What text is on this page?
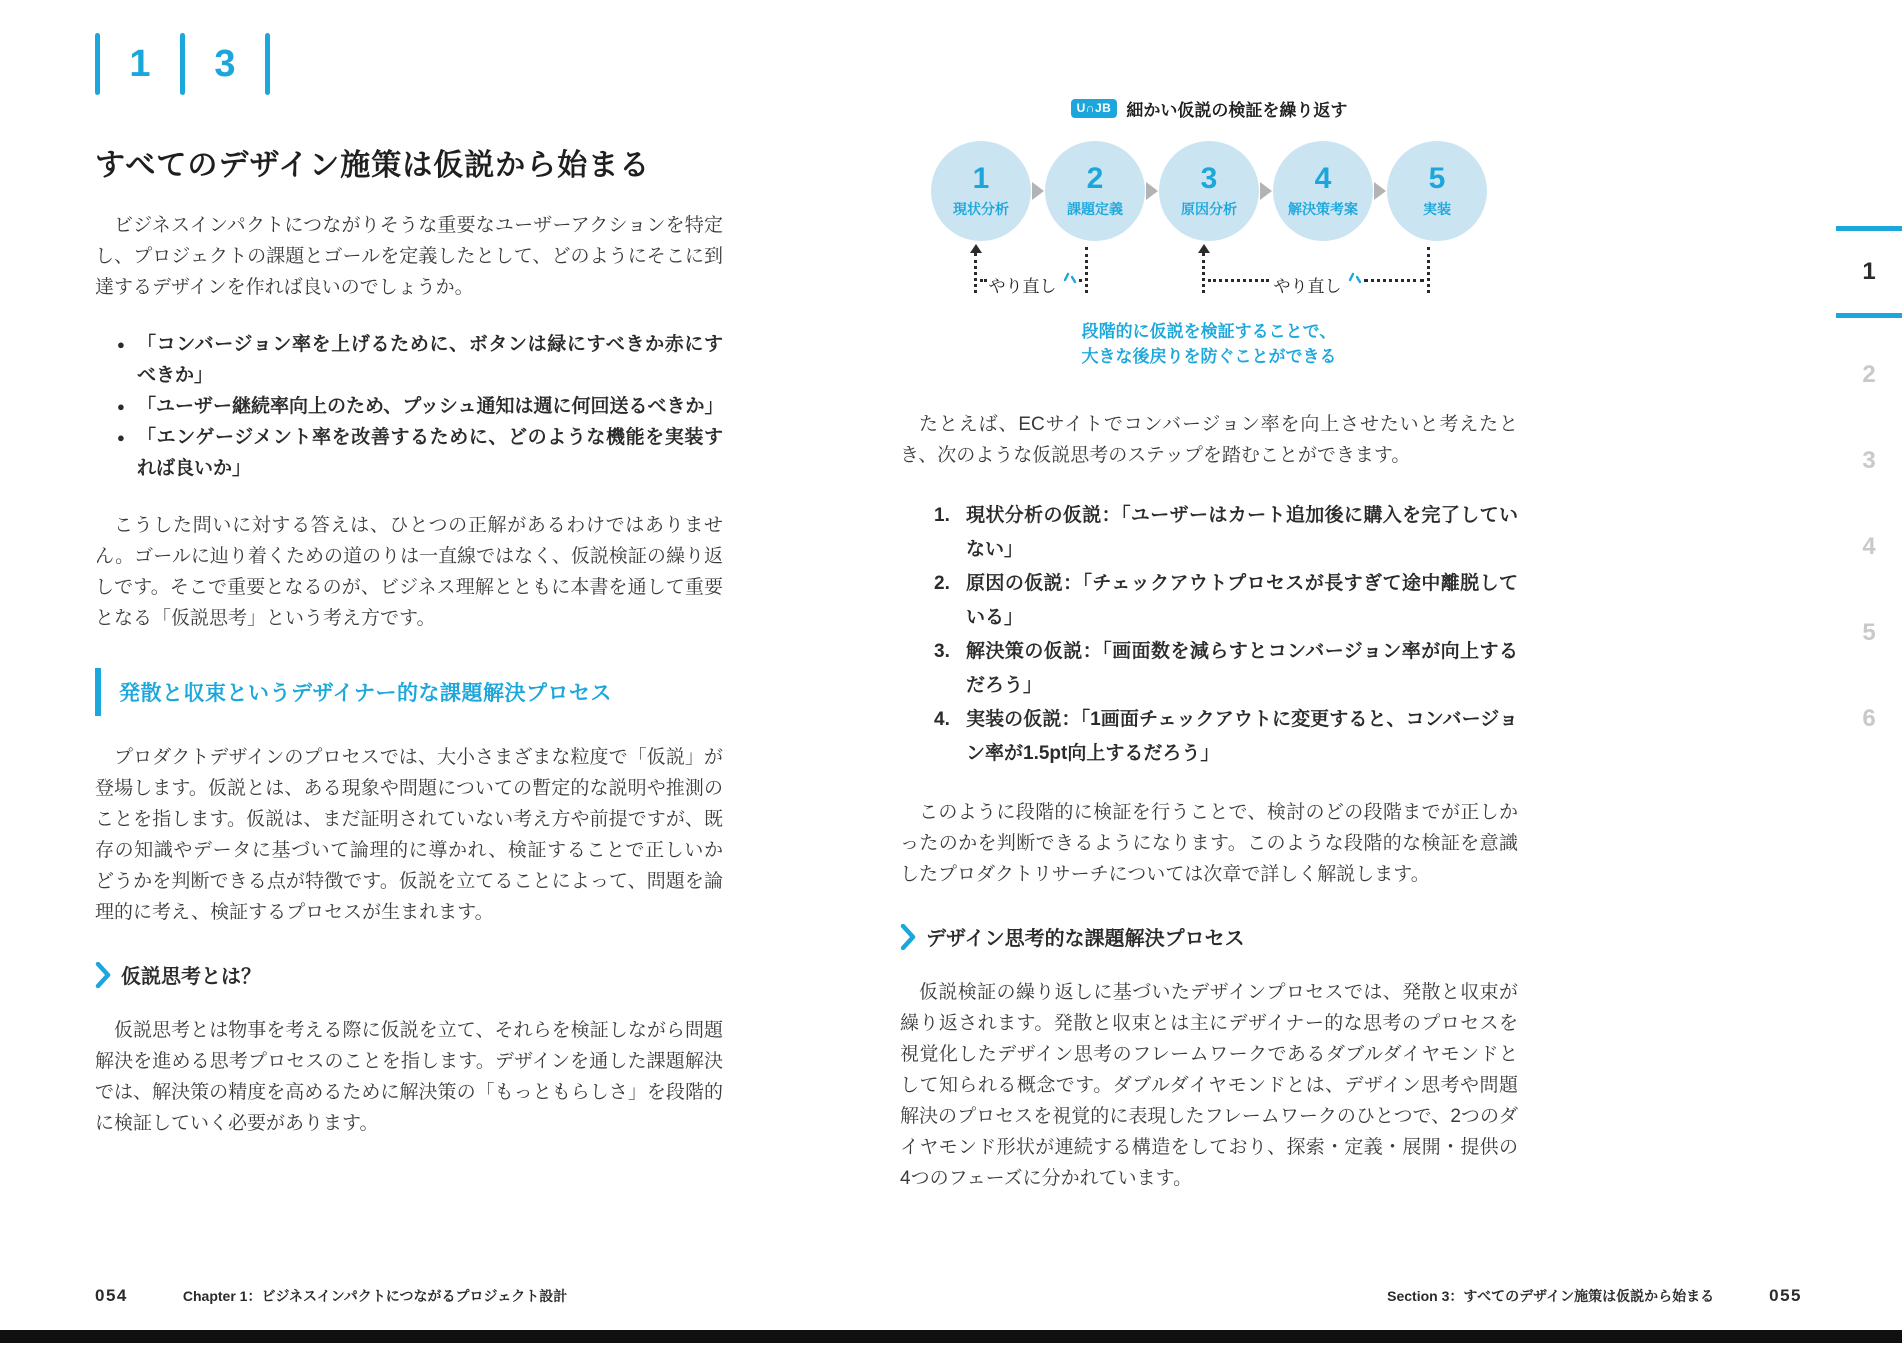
1	3
すべてのデザイン施策は仮説から始まる
ビジネスインパクトにつながりそうな重要なユーザーアクションを特定し、プロジェクトの課題とゴールを定義したとして、どのようにそこに到達するデザインを作れば良いのでしょうか。
● 「コンバージョン率を上げるために、ボタンは緑にすべきか赤にすべきか」
● 「ユーザー継続率向上のため、プッシュ通知は週に何回送るべきか」
● 「エンゲージメント率を改善するために、どのような機能を実装すれば良いか」
こうした問いに対する答えは、ひとつの正解があるわけではありません。ゴールに辿り着くための道のりは一直線ではなく、仮説検証の繰り返しです。そこで重要となるのが、ビジネス理解とともに本書を通して重要となる「仮説思考」という考え方です。
発散と収束というデザイナー的な課題解決プロセス
プロダクトデザインのプロセスでは、大小さまざまな粒度で「仮説」が登場します。仮説とは、ある現象や問題についての暫定的な説明や推測のことを指します。仮説は、まだ証明されていない考え方や前提ですが、既存の知識やデータに基づいて論理的に導かれ、検証することで正しいかどうかを判断できる点が特徴です。仮説を立てることによって、問題を論理的に考え、検証するプロセスが生まれます。
仮説思考とは？
仮説思考とは物事を考える際に仮説を立て、それらを検証しながら問題解決を進める思考プロセスのことを指します。デザインを通した課題解決では、解決策の精度を高めるために解決策の「もっともらしさ」を段階的に検証していく必要があります。
U∩JB 細かい仮説の検証を繰り返す
1
現状分析
2
課題定義
3
原因分析
4
解決策考案
5
実装
やり直し	やり直し
段階的に仮説を検証することで、
大きな後戻りを防ぐことができる
たとえば、ECサイトでコンバージョン率を向上させたいと考えたとき、次のような仮説思考のステップを踏むことができます。
1. 現状分析の仮説：「ユーザーはカート追加後に購入を完了していない」
2. 原因の仮説：「チェックアウトプロセスが長すぎて途中離脱している」
3. 解決策の仮説：「画面数を減らすとコンバージョン率が向上するだろう」
4. 実装の仮説：「1画面チェックアウトに変更すると、コンバージョン率が1.5pt向上するだろう」
このように段階的に検証を行うことで、検討のどの段階までが正しかったのかを判断できるようになります。このような段階的な検証を意識したプロダクトリサーチについては次章で詳しく解説します。
デザイン思考的な課題解決プロセス
仮説検証の繰り返しに基づいたデザインプロセスでは、発散と収束が繰り返されます。発散と収束とは主にデザイナー的な思考のプロセスを視覚化したデザイン思考のフレームワークであるダブルダイヤモンドとして知られる概念です。ダブルダイヤモンドとは、デザイン思考や問題解決のプロセスを視覚的に表現したフレームワークのひとつで、2つのダイヤモンド形状が連続する構造をしており、探索・定義・展開・提供の4つのフェーズに分かれています。
1
2
3
4
5
6
054	Chapter 1：ビジネスインパクトにつながるプロジェクト設計	Section 3：すべてのデザイン施策は仮説から始まる	055
